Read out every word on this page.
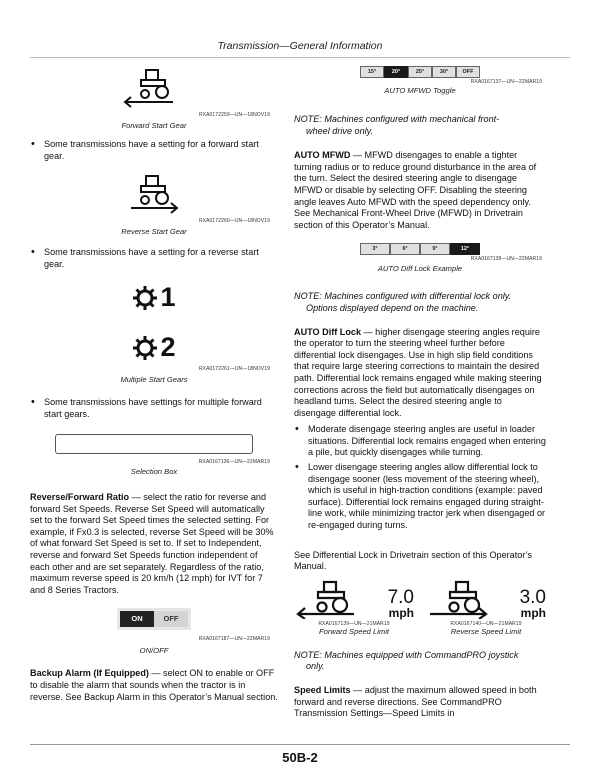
Transmission—General Information
RXA0172259—UN—18NOV19
Forward Start Gear
• Some transmissions have a setting for a forward start gear.
RXA0172260—UN—18NOV19
Reverse Start Gear
• Some transmissions have a setting for a reverse start gear.
1
2
RXA0172261—UN—18NOV19
Multiple Start Gears
• Some transmissions have settings for multiple forward start gears.
RXA0167136—UN—22MAR19
Selection Box
Reverse/Forward Ratio — select the ratio for reverse and forward Set Speeds. Reverse Set Speed will automatically set to the forward Set Speed times the selected setting. For example, if Fx0.3 is selected, reverse Set Speed will be 30% of what forward Set Speed is set to. If set to Independent, reverse and forward Set Speeds function independent of each other and are set separately. Regardless of the ratio, maximum reverse speed is 20 km/h (12 mph) for IVT for 7 and 8 Series Tractors.
ON	OFF
RXA0167187—UN—22MAR19
ON/OFF
Backup Alarm (If Equipped) — select ON to enable or OFF to disable the alarm that sounds when the tractor is in reverse. See Backup Alarm in this Operator’s Manual section.
15°	20°	25°	30°	OFF
RXA0167137—UN—22MAR19
AUTO MFWD Toggle
NOTE: Machines configured with mechanical front-
wheel drive only.
AUTO MFWD — MFWD disengages to enable a tighter turning radius or to reduce ground disturbance in the area of the turn. Select the desired steering angle to disengage MFWD or disable by selecting OFF. Disabling the steering angle leaves Auto MFWD with the speed dependency only. See Mechanical Front-Wheel Drive (MFWD) in Drivetrain section of this Operator’s Manual.
3°	6°	9°	12°
RXA0167138—UN—22MAR19
AUTO Diff Lock Example
NOTE: Machines configured with differential lock only.
Options displayed depend on the machine.
AUTO Diff Lock — higher disengage steering angles require the operator to turn the steering wheel further before differential lock disengages. Use in high slip field conditions that require large steering corrections to maintain the desired path. Differential lock remains engaged while making steering corrections across the field but automatically disengages on headland turns. Select the desired steering angle to disengage differential lock.
• Moderate disengage steering angles are useful in loader situations. Differential lock remains engaged when entering a pile, but quickly disengages while turning.
• Lower disengage steering angles allow differential lock to disengage sooner (less movement of the steering wheel), which is useful in high-traction conditions (example: paved surface). Differential lock remains engaged during straight-line work, while minimizing tractor jerk when disengaged or re-engaged during turns.
See Differential Lock in Drivetrain section of this Operator’s Manual.
7.0
mph
RXA0167139—UN—21MAR19
Forward Speed Limit
3.0
mph
RXA0167140—UN—21MAR19
Reverse Speed Limit
NOTE: Machines equipped with CommandPRO joystick
only.
Speed Limits — adjust the maximum allowed speed in both forward and reverse directions. See CommandPRO Transmission Settings—Speed Limits in
50B-2
